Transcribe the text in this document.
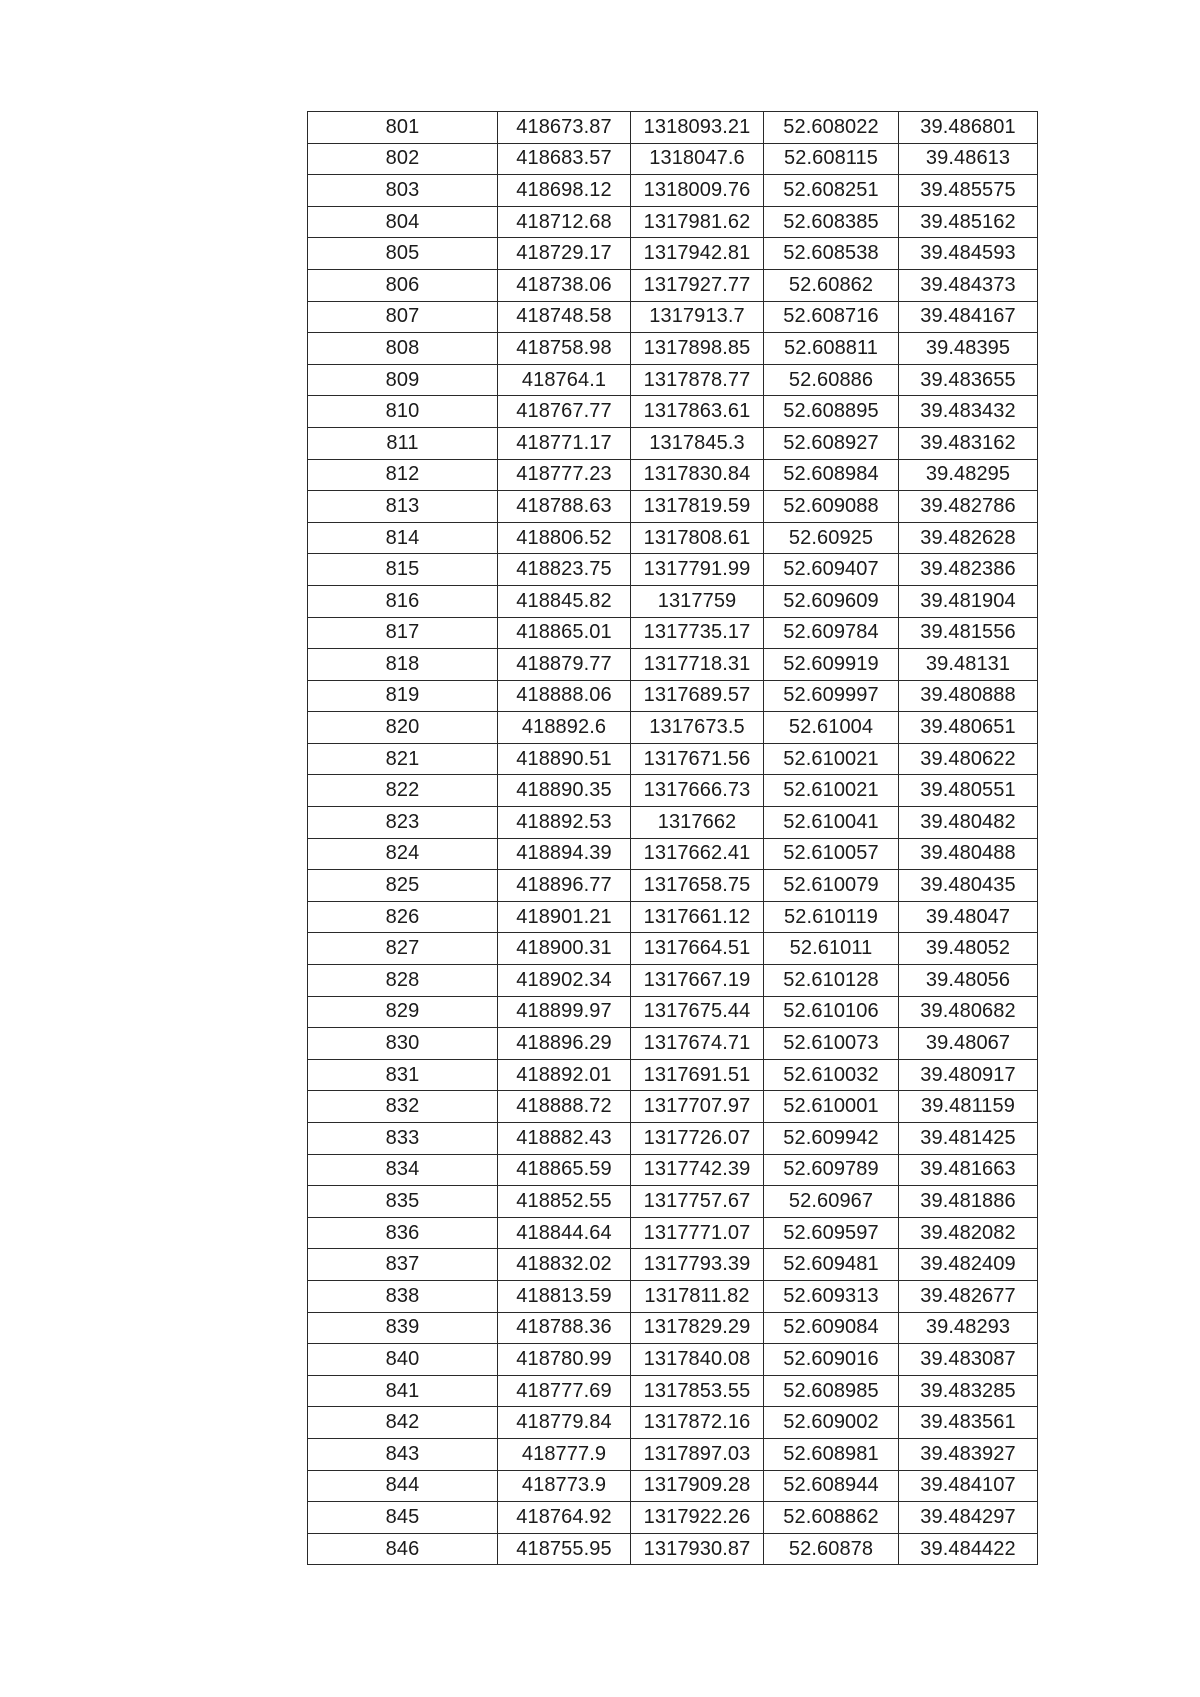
801	418673.87	1318093.21	52.608022	39.486801
802	418683.57	1318047.6	52.608115	39.48613
803	418698.12	1318009.76	52.608251	39.485575
804	418712.68	1317981.62	52.608385	39.485162
805	418729.17	1317942.81	52.608538	39.484593
806	418738.06	1317927.77	52.60862	39.484373
807	418748.58	1317913.7	52.608716	39.484167
808	418758.98	1317898.85	52.608811	39.48395
809	418764.1	1317878.77	52.60886	39.483655
810	418767.77	1317863.61	52.608895	39.483432
811	418771.17	1317845.3	52.608927	39.483162
812	418777.23	1317830.84	52.608984	39.48295
813	418788.63	1317819.59	52.609088	39.482786
814	418806.52	1317808.61	52.60925	39.482628
815	418823.75	1317791.99	52.609407	39.482386
816	418845.82	1317759	52.609609	39.481904
817	418865.01	1317735.17	52.609784	39.481556
818	418879.77	1317718.31	52.609919	39.48131
819	418888.06	1317689.57	52.609997	39.480888
820	418892.6	1317673.5	52.61004	39.480651
821	418890.51	1317671.56	52.610021	39.480622
822	418890.35	1317666.73	52.610021	39.480551
823	418892.53	1317662	52.610041	39.480482
824	418894.39	1317662.41	52.610057	39.480488
825	418896.77	1317658.75	52.610079	39.480435
826	418901.21	1317661.12	52.610119	39.48047
827	418900.31	1317664.51	52.61011	39.48052
828	418902.34	1317667.19	52.610128	39.48056
829	418899.97	1317675.44	52.610106	39.480682
830	418896.29	1317674.71	52.610073	39.48067
831	418892.01	1317691.51	52.610032	39.480917
832	418888.72	1317707.97	52.610001	39.481159
833	418882.43	1317726.07	52.609942	39.481425
834	418865.59	1317742.39	52.609789	39.481663
835	418852.55	1317757.67	52.60967	39.481886
836	418844.64	1317771.07	52.609597	39.482082
837	418832.02	1317793.39	52.609481	39.482409
838	418813.59	1317811.82	52.609313	39.482677
839	418788.36	1317829.29	52.609084	39.48293
840	418780.99	1317840.08	52.609016	39.483087
841	418777.69	1317853.55	52.608985	39.483285
842	418779.84	1317872.16	52.609002	39.483561
843	418777.9	1317897.03	52.608981	39.483927
844	418773.9	1317909.28	52.608944	39.484107
845	418764.92	1317922.26	52.608862	39.484297
846	418755.95	1317930.87	52.60878	39.484422
